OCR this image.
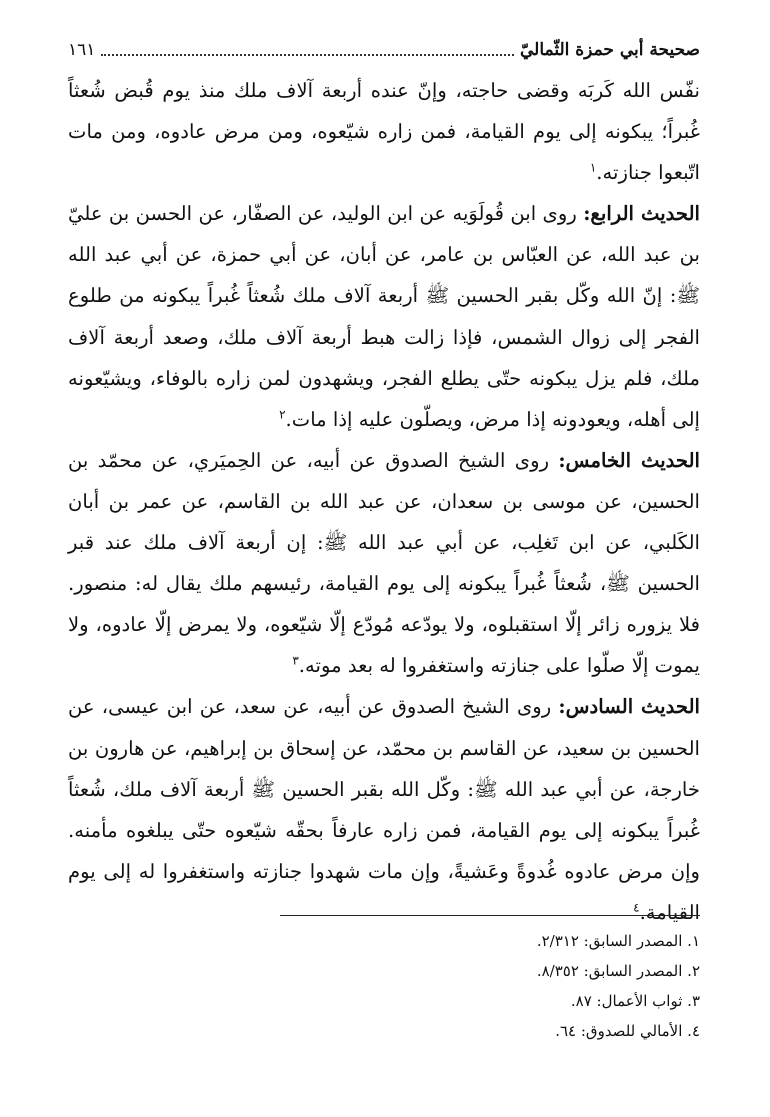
صحيحة أبي حمزة الثّماليّ
١٦١

نفّس الله كَربَه وقضى حاجته، وإنّ عنده أربعة آلاف ملك منذ يوم قُبض شُعثاً غُبراً؛ يبكونه إلى يوم القيامة، فمن زاره شيّعوه، ومن مرض عادوه، ومن مات اتّبعوا جنازته.$^١$

الحديث الرابع: روى ابن قُولَوَيه عن ابن الوليد، عن الصفّار، عن الحسن بن عليّ بن عبد الله، عن العبّاس بن عامر، عن أبان، عن أبي حمزة، عن أبي عبد الله ﷺ: إنّ الله وكّل بقبر الحسين ﷺ أربعة آلاف ملك شُعثاً غُبراً يبكونه من طلوع الفجر إلى زوال الشمس، فإذا زالت هبط أربعة آلاف ملك، وصعد أربعة آلاف ملك، فلم يزل يبكونه حتّى يطلع الفجر، ويشهدون لمن زاره بالوفاء، ويشيّعونه إلى أهله، ويعودونه إذا مرض، ويصلّون عليه إذا مات.$^٢$

الحديث الخامس: روى الشيخ الصدوق عن أبيه، عن الحِميَري، عن محمّد بن الحسين، عن موسى بن سعدان، عن عبد الله بن القاسم، عن عمر بن أبان الكَلبي، عن ابن تَغلِب، عن أبي عبد الله ﷺ: إن أربعة آلاف ملك عند قبر الحسين ﷺ، شُعثاً غُبراً يبكونه إلى يوم القيامة، رئيسهم ملك يقال له: منصور. فلا يزوره زائر إلّا استقبلوه، ولا يودّعه مُودّع إلّا شيّعوه، ولا يمرض إلّا عادوه، ولا يموت إلّا صلّوا على جنازته واستغفروا له بعد موته.$^٣$

الحديث السادس: روى الشيخ الصدوق عن أبيه، عن سعد، عن ابن عيسى، عن الحسين بن سعيد، عن القاسم بن محمّد، عن إسحاق بن إبراهيم، عن هارون بن خارجة، عن أبي عبد الله ﷺ: وكّل الله بقبر الحسين ﷺ أربعة آلاف ملك، شُعثاً غُبراً يبكونه إلى يوم القيامة، فمن زاره عارفاً بحقّه شيّعوه حتّى يبلغوه مأمنه. وإن مرض عادوه غُدوةً وعَشيةً، وإن مات شهدوا جنازته واستغفروا له إلى يوم القيامة.$^٤$

١. المصدر السابق: ٢/٣١٢.
٢. المصدر السابق: ٨/٣٥٢.
٣. ثواب الأعمال: ٨٧.
٤. الأمالي للصدوق: ٦٤.
